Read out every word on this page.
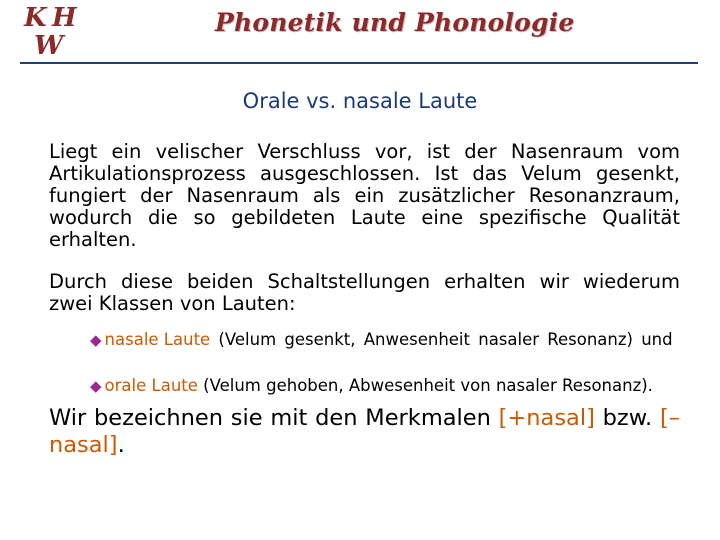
K H
W
Phonetik und Phonologie
Orale vs. nasale Laute
Liegt ein velischer Verschluss vor, ist der Nasenraum vom Artikulationsprozess ausgeschlossen. Ist das Velum gesenkt, fungiert der Nasenraum als ein zusätzlicher Resonanzraum, wodurch die so gebildeten Laute eine spezifische Qualität erhalten.
Durch diese beiden Schaltstellungen erhalten wir wiederum zwei Klassen von Lauten:
◆ nasale Laute (Velum gesenkt, Anwesenheit nasaler Resonanz) und
◆ orale Laute (Velum gehoben, Abwesenheit von nasaler Resonanz).
Wir bezeichnen sie mit den Merkmalen [+nasal] bzw. [–nasal].
